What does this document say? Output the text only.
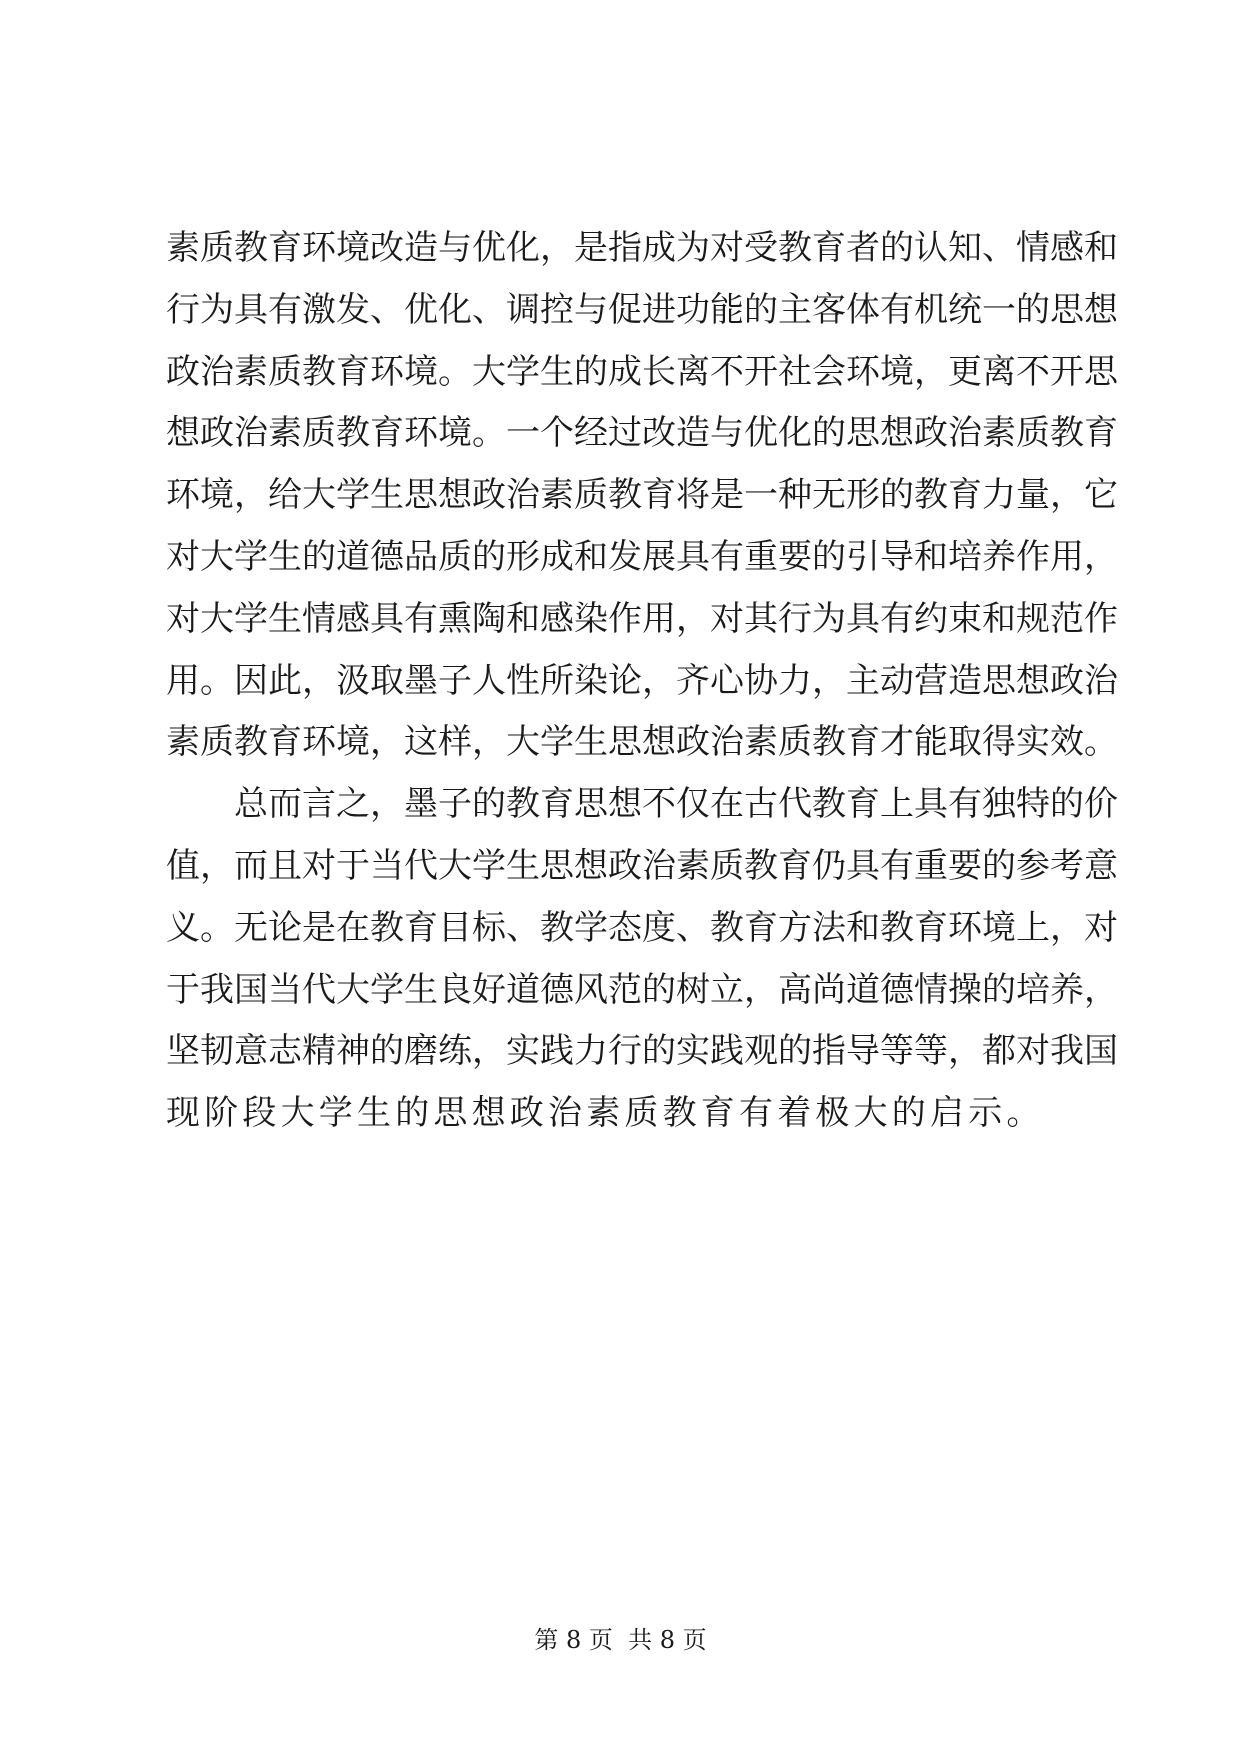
素 质 教 育 环 境 改 造 与 优 化 ， 是 指 成 为 对 受 教 育 者 的 认 知 、 情 感 和
行 为 具 有 激 发 、 优 化 、 调 控 与 促 进 功 能 的 主 客 体 有 机 统 一 的 思 想
政 治 素 质 教 育 环 境 。 大 学 生 的 成 长 离 不 开 社 会 环 境 ， 更 离 不 开 思
想 政 治 素 质 教 育 环 境 。 一 个 经 过 改 造 与 优 化 的 思 想 政 治 素 质 教 育
环 境 ， 给 大 学 生 思 想 政 治 素 质 教 育 将 是 一 种 无 形 的 教 育 力 量 ， 它
对 大 学 生 的 道 德 品 质 的 形 成 和 发 展 具 有 重 要 的 引 导 和 培 养 作 用 ，
对 大 学 生 情 感 具 有 熏 陶 和 感 染 作 用 ， 对 其 行 为 具 有 约 束 和 规 范 作
用 。 因 此 ， 汲 取 墨 子 人 性 所 染 论 ， 齐 心 协 力 ， 主 动 营 造 思 想 政 治
素 质 教 育 环 境 ， 这 样 ， 大 学 生 思 想 政 治 素 质 教 育 才 能 取 得 实 效 。
总 而 言 之 ， 墨 子 的 教 育 思 想 不 仅 在 古 代 教 育 上 具 有 独 特 的 价
值 ， 而 且 对 于 当 代 大 学 生 思 想 政 治 素 质 教 育 仍 具 有 重 要 的 参 考 意
义 。 无 论 是 在 教 育 目 标 、 教 学 态 度 、 教 育 方 法 和 教 育 环 境 上 ， 对
于 我 国 当 代 大 学 生 良 好 道 德 风 范 的 树 立 ， 高 尚 道 德 情 操 的 培 养 ，
坚 韧 意 志 精 神 的 磨 练 ， 实 践 力 行 的 实 践 观 的 指 导 等 等 ， 都 对 我 国
现阶段大学生的思想政治素质教育有着极大的启示。
第 8 页  共 8 页
